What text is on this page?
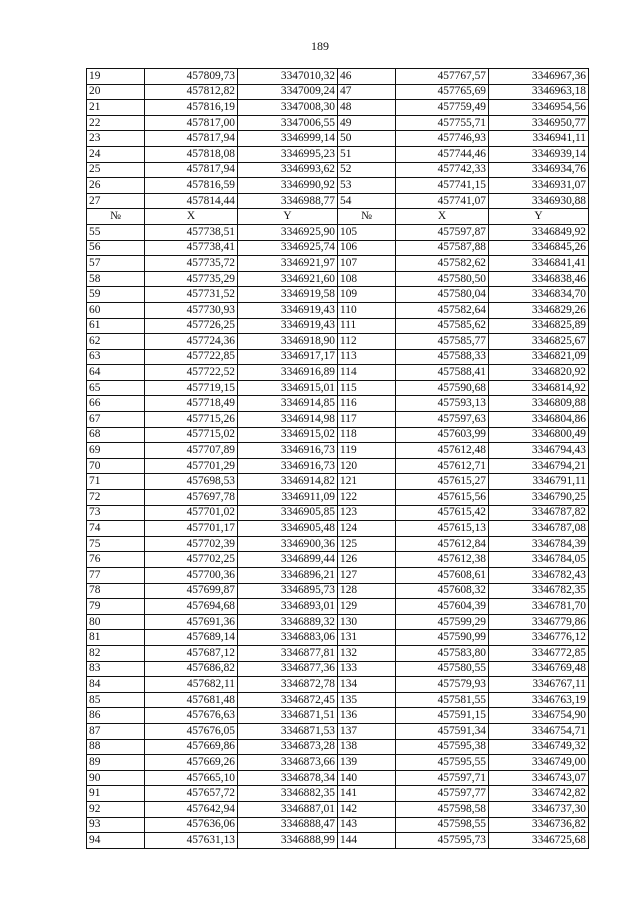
189
19	457809,73	3347010,32	46	457767,57	3346967,36
20	457812,82	3347009,24	47	457765,69	3346963,18
21	457816,19	3347008,30	48	457759,49	3346954,56
22	457817,00	3347006,55	49	457755,71	3346950,77
23	457817,94	3346999,14	50	457746,93	3346941,11
24	457818,08	3346995,23	51	457744,46	3346939,14
25	457817,94	3346993,62	52	457742,33	3346934,76
26	457816,59	3346990,92	53	457741,15	3346931,07
27	457814,44	3346988,77	54	457741,07	3346930,88
№	X	Y	№	X	Y
55	457738,51	3346925,90	105	457597,87	3346849,92
56	457738,41	3346925,74	106	457587,88	3346845,26
57	457735,72	3346921,97	107	457582,62	3346841,41
58	457735,29	3346921,60	108	457580,50	3346838,46
59	457731,52	3346919,58	109	457580,04	3346834,70
60	457730,93	3346919,43	110	457582,64	3346829,26
61	457726,25	3346919,43	111	457585,62	3346825,89
62	457724,36	3346918,90	112	457585,77	3346825,67
63	457722,85	3346917,17	113	457588,33	3346821,09
64	457722,52	3346916,89	114	457588,41	3346820,92
65	457719,15	3346915,01	115	457590,68	3346814,92
66	457718,49	3346914,85	116	457593,13	3346809,88
67	457715,26	3346914,98	117	457597,63	3346804,86
68	457715,02	3346915,02	118	457603,99	3346800,49
69	457707,89	3346916,73	119	457612,48	3346794,43
70	457701,29	3346916,73	120	457612,71	3346794,21
71	457698,53	3346914,82	121	457615,27	3346791,11
72	457697,78	3346911,09	122	457615,56	3346790,25
73	457701,02	3346905,85	123	457615,42	3346787,82
74	457701,17	3346905,48	124	457615,13	3346787,08
75	457702,39	3346900,36	125	457612,84	3346784,39
76	457702,25	3346899,44	126	457612,38	3346784,05
77	457700,36	3346896,21	127	457608,61	3346782,43
78	457699,87	3346895,73	128	457608,32	3346782,35
79	457694,68	3346893,01	129	457604,39	3346781,70
80	457691,36	3346889,32	130	457599,29	3346779,86
81	457689,14	3346883,06	131	457590,99	3346776,12
82	457687,12	3346877,81	132	457583,80	3346772,85
83	457686,82	3346877,36	133	457580,55	3346769,48
84	457682,11	3346872,78	134	457579,93	3346767,11
85	457681,48	3346872,45	135	457581,55	3346763,19
86	457676,63	3346871,51	136	457591,15	3346754,90
87	457676,05	3346871,53	137	457591,34	3346754,71
88	457669,86	3346873,28	138	457595,38	3346749,32
89	457669,26	3346873,66	139	457595,55	3346749,00
90	457665,10	3346878,34	140	457597,71	3346743,07
91	457657,72	3346882,35	141	457597,77	3346742,82
92	457642,94	3346887,01	142	457598,58	3346737,30
93	457636,06	3346888,47	143	457598,55	3346736,82
94	457631,13	3346888,99	144	457595,73	3346725,68
